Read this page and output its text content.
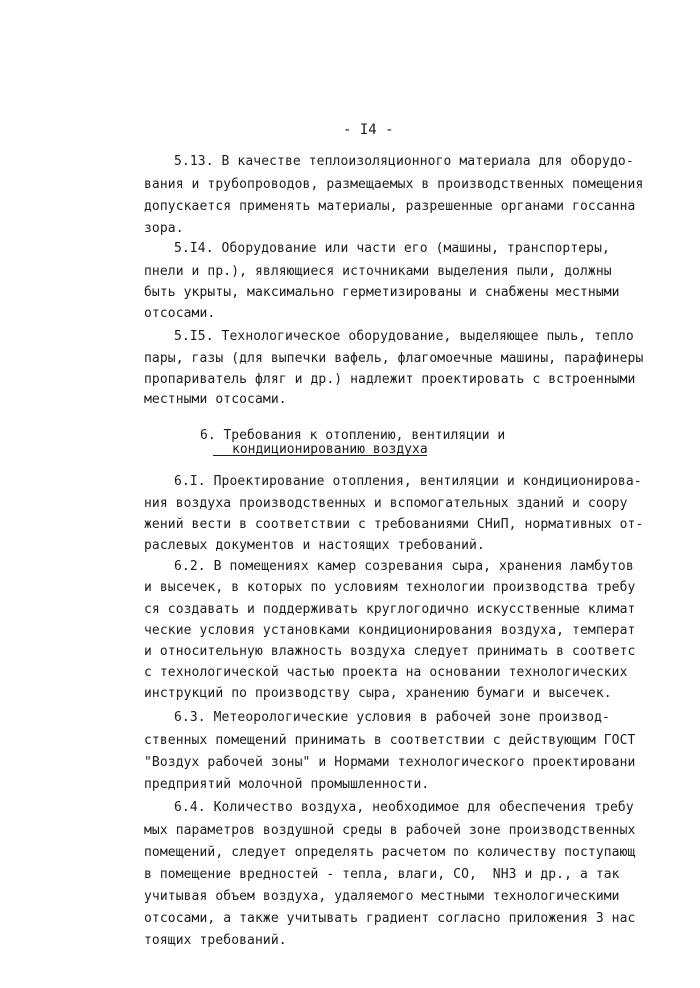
- I4 -
5.13. В качестве теплоизоляционного материала для оборудо-
вания и трубопроводов, размещаемых в производственных помещения
допускается применять материалы, разрешенные органами госсанна
зора.
5.I4. Оборудование или части его (машины, транспортеры,
пнели и пр.), являющиеся источниками выделения пыли, должны
быть укрыты, максимально герметизированы и снабжены местными
отсосами.
5.I5. Технологическое оборудование, выделяющее пыль, тепло
пары, газы (для выпечки вафель, флагомоечные машины, парафинеры
пропариватель фляг и др.) надлежит проектировать с встроенными
местными отсосами.
6. Требования к отоплению, вентиляции и
кондиционированию воздуха
6.I. Проектирование отопления, вентиляции и кондиционирова-
ния воздуха производственных и вспомогательных зданий и соору
жений вести в соответствии с требованиями СНиП, нормативных от-
раслевых документов и настоящих требований.
6.2. В помещениях камер созревания сыра, хранения ламбутов
и высечек, в которых по условиям технологии производства требу
ся создавать и поддерживать круглогодично искусственные климат
ческие условия установками кондиционирования воздуха, температ
и относительную влажность воздуха следует принимать в соответс
с технологической частью проекта на основании технологических
инструкций по производству сыра, хранению бумаги и высечек.
6.3. Метеорологические условия в рабочей зоне производ-
ственных помещений принимать в соответствии с действующим ГОСТ
"Воздух рабочей зоны" и Нормами технологического проектировани
предприятий молочной промышленности.
6.4. Количество воздуха, необходимое для обеспечения требу
мых параметров воздушной среды в рабочей зоне производственных
помещений, следует определять расчетом по количеству поступающ
в помещение вредностей - тепла, влаги, CO,  NH3 и др., а так
учитывая объем воздуха, удаляемого местными технологическими
отсосами, а также учитывать градиент согласно приложения 3 нас
тоящих требований.
